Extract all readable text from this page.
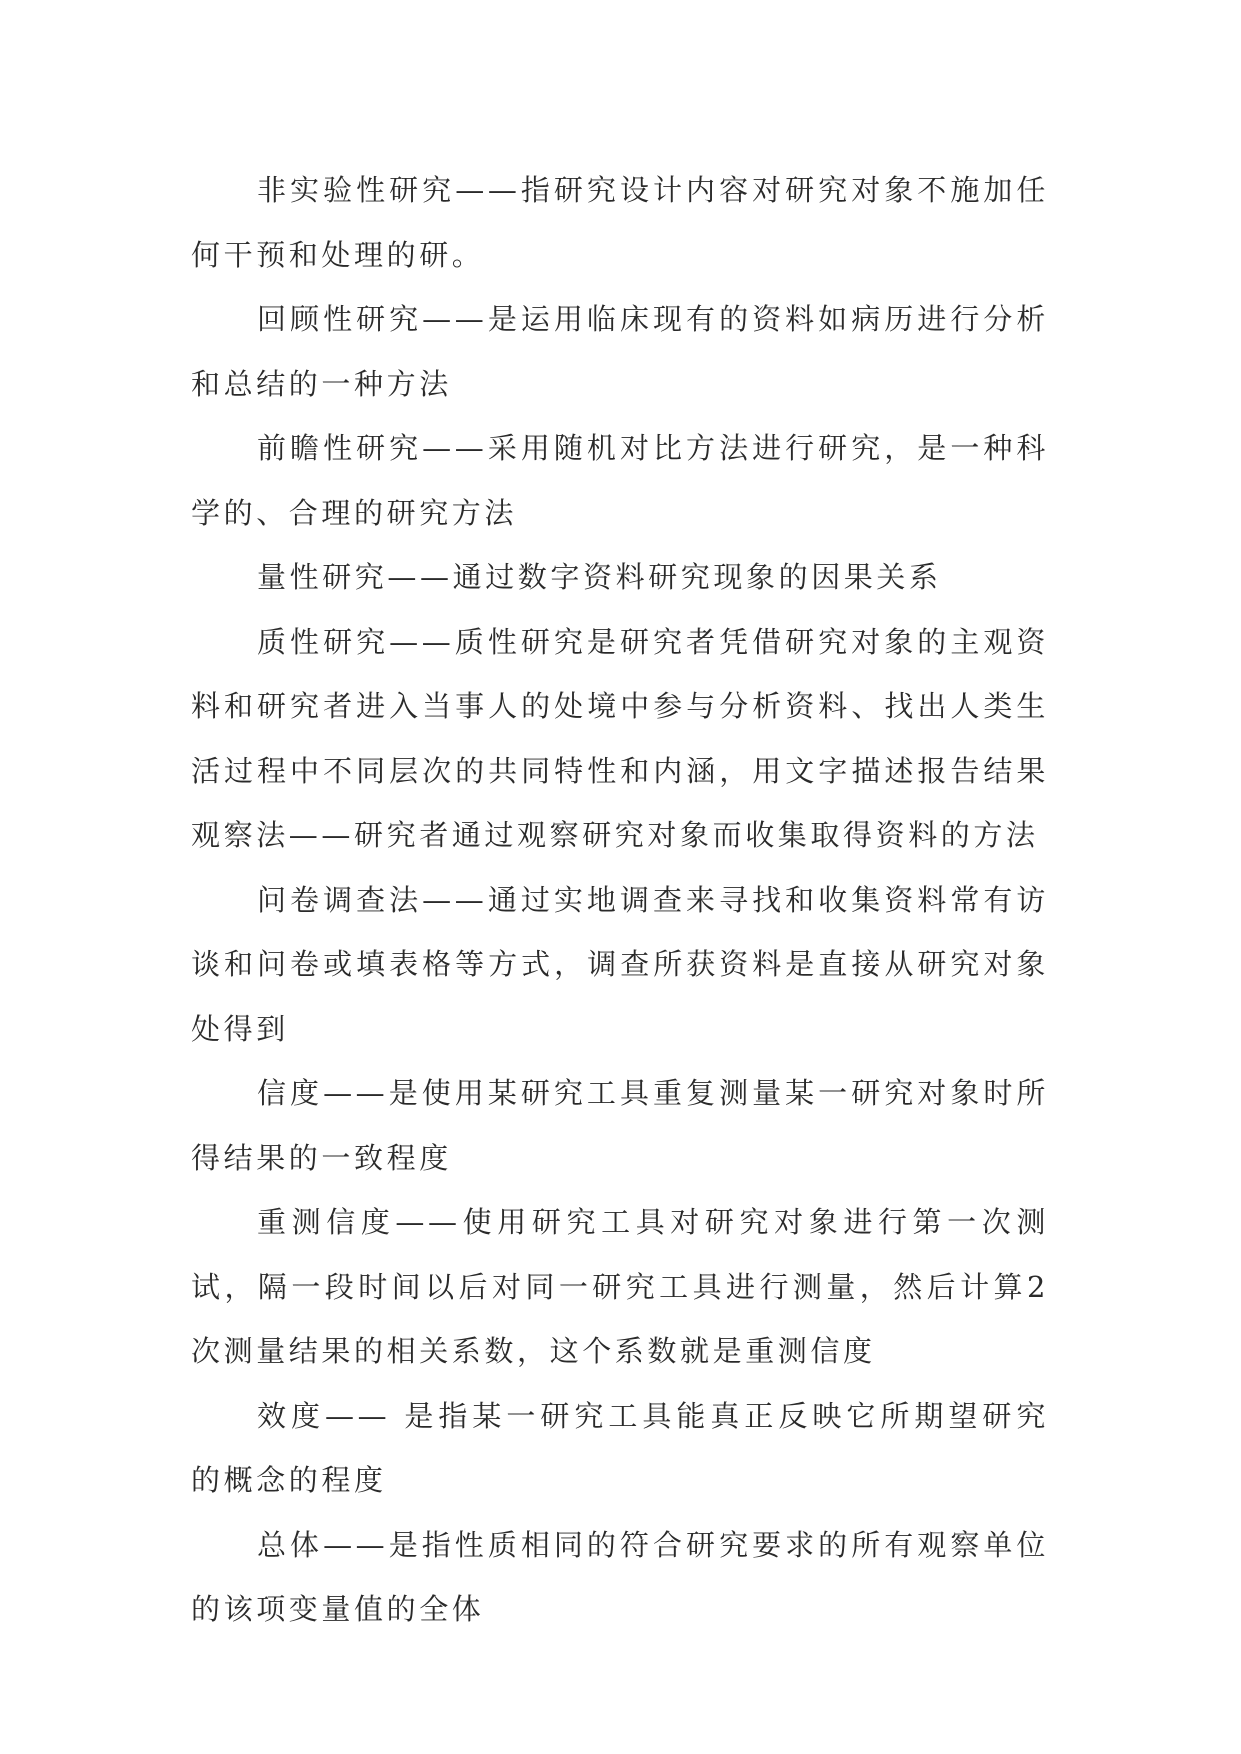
非实验性研究——指研究设计内容对研究对象不施加任何干预和处理的研。

回顾性研究——是运用临床现有的资料如病历进行分析和总结的一种方法

前瞻性研究——采用随机对比方法进行研究，是一种科学的、合理的研究方法

量性研究——通过数字资料研究现象的因果关系

质性研究——质性研究是研究者凭借研究对象的主观资料和研究者进入当事人的处境中参与分析资料、找出人类生活过程中不同层次的共同特性和内涵，用文字描述报告结果 观察法——研究者通过观察研究对象而收集取得资料的方法

问卷调查法——通过实地调查来寻找和收集资料常有访谈和问卷或填表格等方式，调查所获资料是直接从研究对象处得到

信度——是使用某研究工具重复测量某一研究对象时所得结果的一致程度

重测信度——使用研究工具对研究对象进行第一次测试，隔一段时间以后对同一研究工具进行测量，然后计算2次测量结果的相关系数，这个系数就是重测信度

效度—— 是指某一研究工具能真正反映它所期望研究的概念的程度

总体——是指性质相同的符合研究要求的所有观察单位的该项变量值的全体
